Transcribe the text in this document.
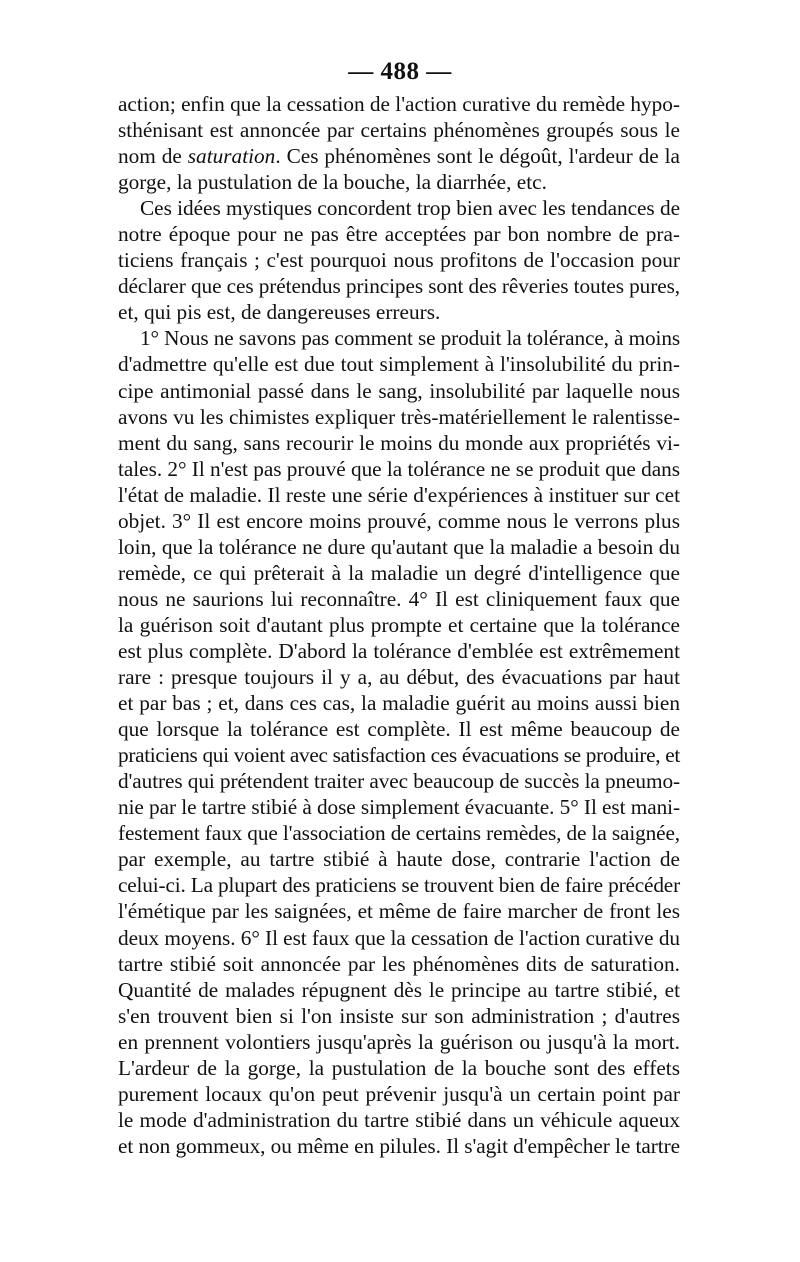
— 488 —
action; enfin que la cessation de l'action curative du remède hypo-
sthénisant est annoncée par certains phénomènes groupés sous le
nom de saturation. Ces phénomènes sont le dégoût, l'ardeur de la
gorge, la pustulation de la bouche, la diarrhée, etc.
Ces idées mystiques concordent trop bien avec les tendances de
notre époque pour ne pas être acceptées par bon nombre de pra-
ticiens français ; c'est pourquoi nous profitons de l'occasion pour
déclarer que ces prétendus principes sont des rêveries toutes pures,
et, qui pis est, de dangereuses erreurs.
1° Nous ne savons pas comment se produit la tolérance, à moins
d'admettre qu'elle est due tout simplement à l'insolubilité du prin-
cipe antimonial passé dans le sang, insolubilité par laquelle nous
avons vu les chimistes expliquer très-matériellement le ralentisse-
ment du sang, sans recourir le moins du monde aux propriétés vi-
tales. 2° Il n'est pas prouvé que la tolérance ne se produit que dans
l'état de maladie. Il reste une série d'expériences à instituer sur cet
objet. 3° Il est encore moins prouvé, comme nous le verrons plus
loin, que la tolérance ne dure qu'autant que la maladie a besoin du
remède, ce qui prêterait à la maladie un degré d'intelligence que
nous ne saurions lui reconnaître. 4° Il est cliniquement faux que
la guérison soit d'autant plus prompte et certaine que la tolérance
est plus complète. D'abord la tolérance d'emblée est extrêmement
rare : presque toujours il y a, au début, des évacuations par haut
et par bas ; et, dans ces cas, la maladie guérit au moins aussi bien
que lorsque la tolérance est complète. Il est même beaucoup de
praticiens qui voient avec satisfaction ces évacuations se produire, et
d'autres qui prétendent traiter avec beaucoup de succès la pneumo-
nie par le tartre stibié à dose simplement évacuante. 5° Il est mani-
festement faux que l'association de certains remèdes, de la saignée,
par exemple, au tartre stibié à haute dose, contrarie l'action de
celui-ci. La plupart des praticiens se trouvent bien de faire précéder
l'émétique par les saignées, et même de faire marcher de front les
deux moyens. 6° Il est faux que la cessation de l'action curative du
tartre stibié soit annoncée par les phénomènes dits de saturation.
Quantité de malades répugnent dès le principe au tartre stibié, et
s'en trouvent bien si l'on insiste sur son administration ; d'autres
en prennent volontiers jusqu'après la guérison ou jusqu'à la mort.
L'ardeur de la gorge, la pustulation de la bouche sont des effets
purement locaux qu'on peut prévenir jusqu'à un certain point par
le mode d'administration du tartre stibié dans un véhicule aqueux
et non gommeux, ou même en pilules. Il s'agit d'empêcher le tartre
